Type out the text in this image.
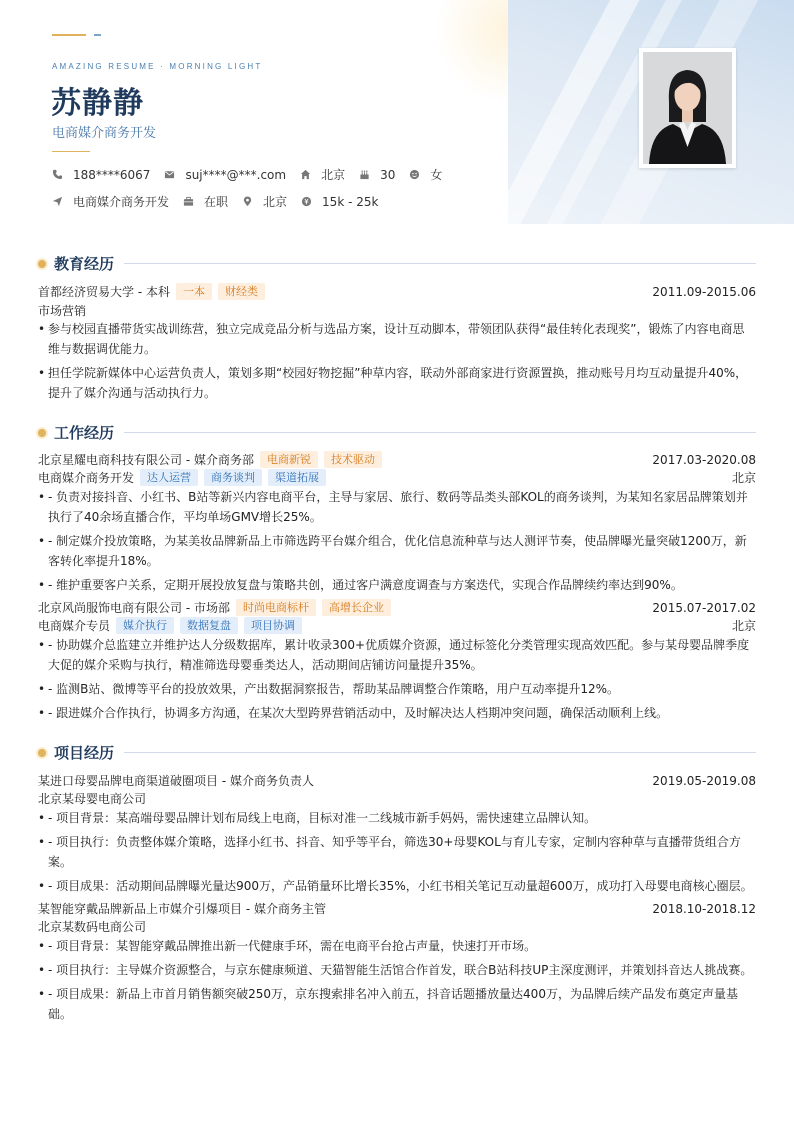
AMAZING RESUME · MORNING LIGHT
苏静静
电商媒介商务开发
188****6067	suj****@***.com	北京	30	女
电商媒介商务开发	在职	北京	15k - 25k
教育经历
首都经济贸易大学 - 本科	一本	财经类	2011.09-2015.06
市场营销
• 参与校园直播带货实战训练营，独立完成竞品分析与选品方案，设计互动脚本，带领团队获得“最佳转化表现奖”，锻炼了内容电商思维与数据调优能力。
• 担任学院新媒体中心运营负责人，策划多期“校园好物挖掘”种草内容，联动外部商家进行资源置换，推动账号月均互动量提升40%，提升了媒介沟通与活动执行力。
工作经历
北京星耀电商科技有限公司 - 媒介商务部	电商新锐	技术驱动	2017.03-2020.08
电商媒介商务开发	达人运营	商务谈判	渠道拓展	北京
• - 负责对接抖音、小红书、B站等新兴内容电商平台，主导与家居、旅行、数码等品类头部KOL的商务谈判，为某知名家居品牌策划并执行了40余场直播合作，平均单场GMV增长25%。
• - 制定媒介投放策略，为某美妆品牌新品上市筛选跨平台媒介组合，优化信息流种草与达人测评节奏，使品牌曝光量突破1200万，新客转化率提升18%。
• - 维护重要客户关系，定期开展投放复盘与策略共创，通过客户满意度调查与方案迭代，实现合作品牌续约率达到90%。
北京风尚服饰电商有限公司 - 市场部	时尚电商标杆	高增长企业	2015.07-2017.02
电商媒介专员	媒介执行	数据复盘	项目协调	北京
• - 协助媒介总监建立并维护达人分级数据库，累计收录300+优质媒介资源，通过标签化分类管理实现高效匹配。参与某母婴品牌季度大促的媒介采购与执行，精准筛选母婴垂类达人，活动期间店铺访问量提升35%。
• - 监测B站、微博等平台的投放效果，产出数据洞察报告，帮助某品牌调整合作策略，用户互动率提升12%。
• - 跟进媒介合作执行，协调多方沟通，在某次大型跨界营销活动中，及时解决达人档期冲突问题，确保活动顺利上线。
项目经历
某进口母婴品牌电商渠道破圈项目 - 媒介商务负责人	2019.05-2019.08
北京某母婴电商公司
• - 项目背景：某高端母婴品牌计划布局线上电商，目标对准一二线城市新手妈妈，需快速建立品牌认知。
• - 项目执行：负责整体媒介策略，选择小红书、抖音、知乎等平台，筛选30+母婴KOL与育儿专家，定制内容种草与直播带货组合方案。
• - 项目成果：活动期间品牌曝光量达900万，产品销量环比增长35%，小红书相关笔记互动量超600万，成功打入母婴电商核心圈层。
某智能穿戴品牌新品上市媒介引爆项目 - 媒介商务主管	2018.10-2018.12
北京某数码电商公司
• - 项目背景：某智能穿戴品牌推出新一代健康手环，需在电商平台抢占声量，快速打开市场。
• - 项目执行：主导媒介资源整合，与京东健康频道、天猫智能生活馆合作首发，联合B站科技UP主深度测评，并策划抖音达人挑战赛。
• - 项目成果：新品上市首月销售额突破250万，京东搜索排名冲入前五，抖音话题播放量达400万，为品牌后续产品发布奠定声量基础。
